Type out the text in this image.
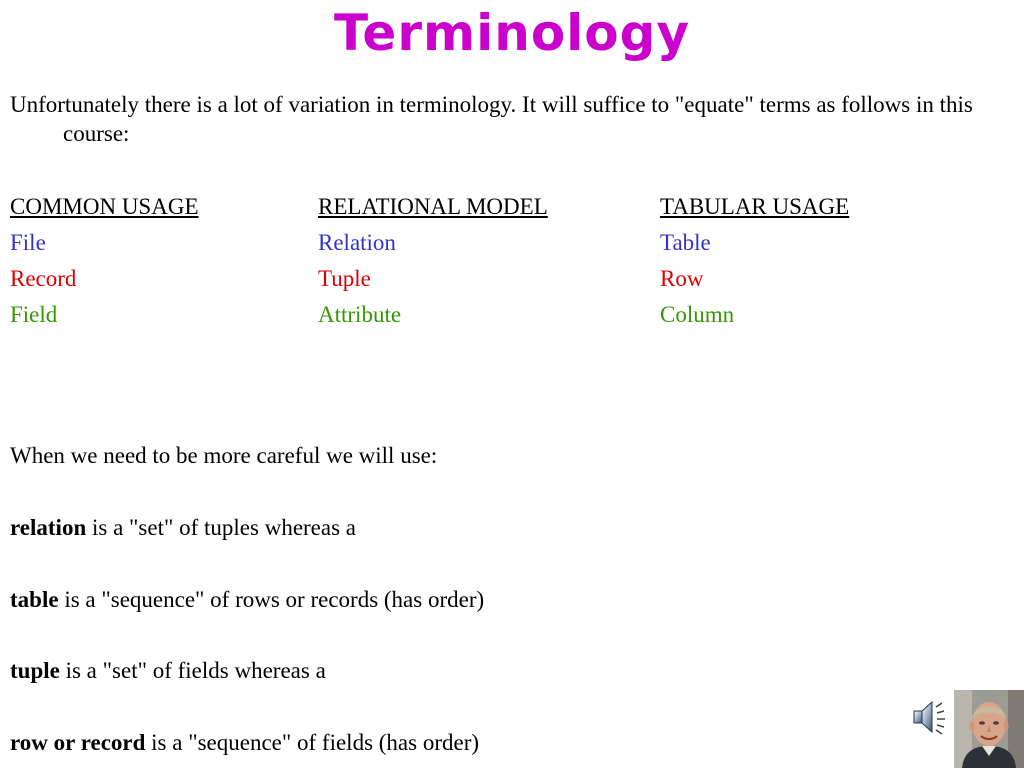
Terminology
Unfortunately there is a lot of variation in terminology. It will suffice to "equate" terms as follows in this course:
COMMON USAGE
File
Record
Field
RELATIONAL MODEL
Relation
Tuple
Attribute
TABULAR USAGE
Table
Row
Column
When we need to be more careful we will use:
relation is a "set" of tuples whereas a
table is a "sequence" of rows or records (has order)
tuple is a "set" of fields whereas a
row or record is a "sequence" of fields (has order)
